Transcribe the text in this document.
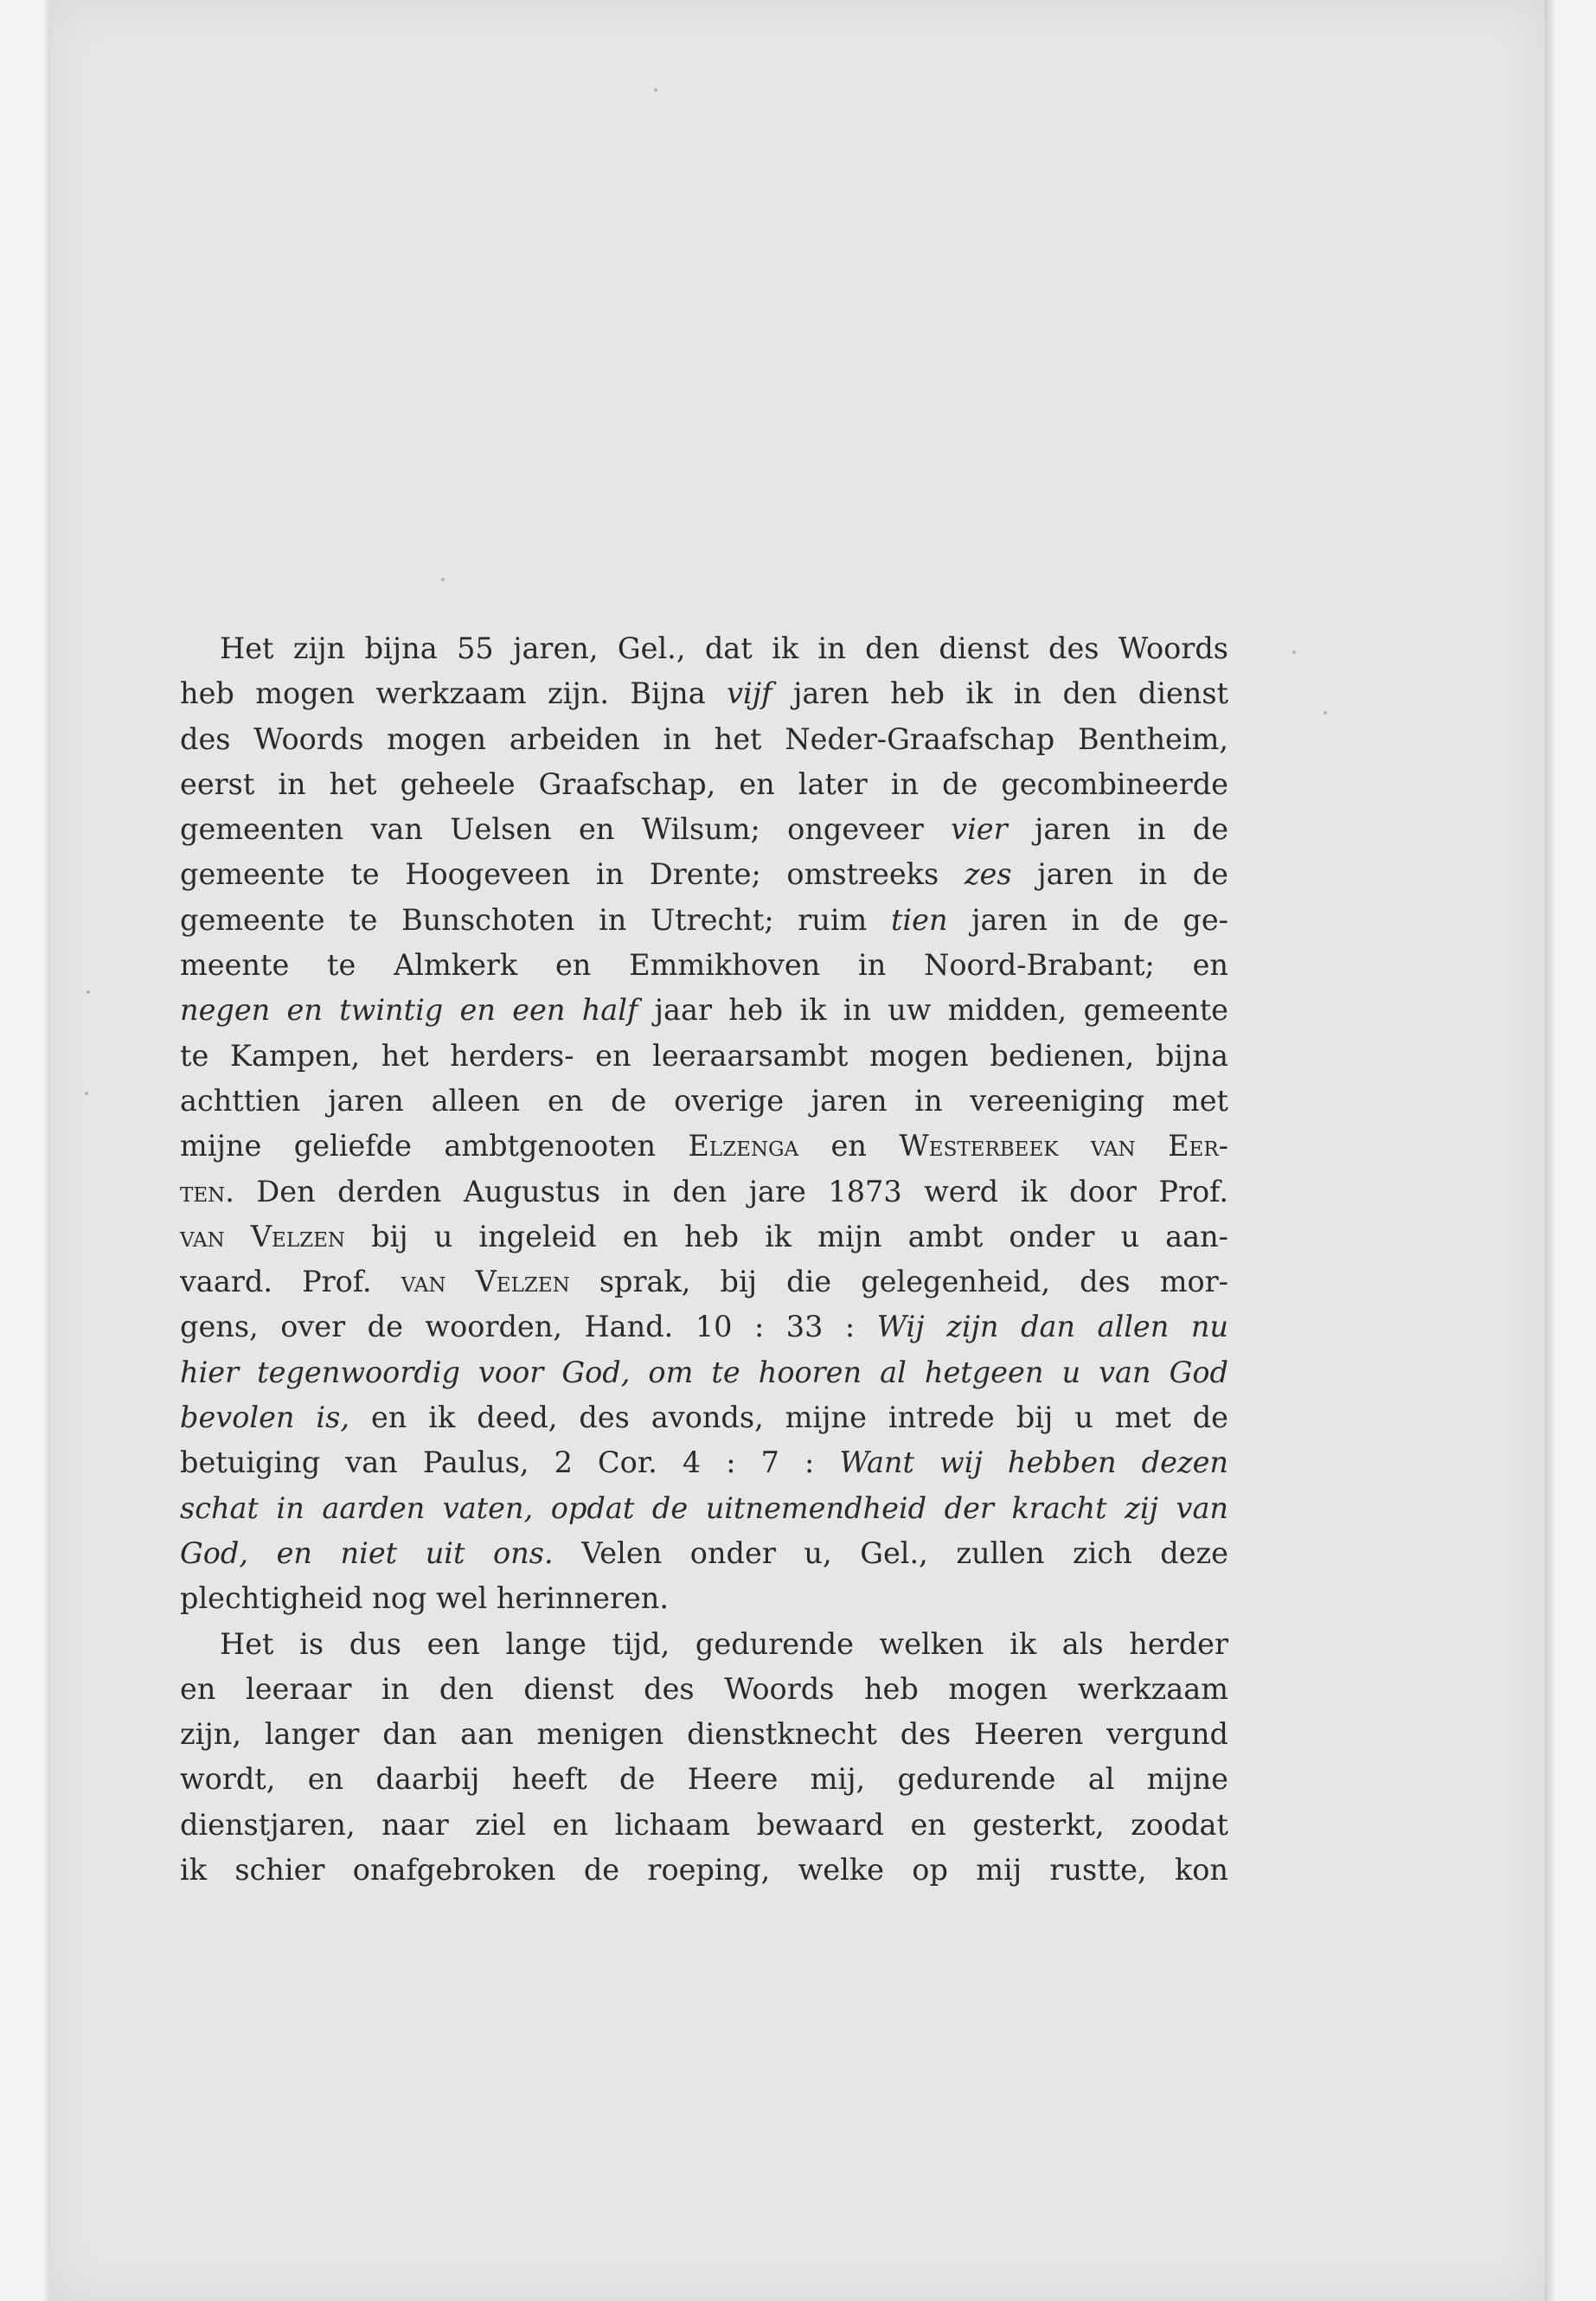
Het zijn bijna 55 jaren, Gel., dat ik in den dienst des Woords
heb mogen werkzaam zijn. Bijna vijf jaren heb ik in den dienst
des Woords mogen arbeiden in het Neder-Graafschap Bentheim,
eerst in het geheele Graafschap, en later in de gecombineerde
gemeenten van Uelsen en Wilsum; ongeveer vier jaren in de
gemeente te Hoogeveen in Drente; omstreeks zes jaren in de
gemeente te Bunschoten in Utrecht; ruim tien jaren in de ge-
meente te Almkerk en Emmikhoven in Noord-Brabant; en
negen en twintig en een half jaar heb ik in uw midden, gemeente
te Kampen, het herders- en leeraarsambt mogen bedienen, bijna
achttien jaren alleen en de overige jaren in vereeniging met
mijne geliefde ambtgenooten Elzenga en Westerbeek van Eer-
ten. Den derden Augustus in den jare 1873 werd ik door Prof.
van Velzen bij u ingeleid en heb ik mijn ambt onder u aan-
vaard. Prof. van Velzen sprak, bij die gelegenheid, des mor-
gens, over de woorden, Hand. 10 : 33 : Wij zijn dan allen nu
hier tegenwoordig voor God, om te hooren al hetgeen u van God
bevolen is, en ik deed, des avonds, mijne intrede bij u met de
betuiging van Paulus, 2 Cor. 4 : 7 : Want wij hebben dezen
schat in aarden vaten, opdat de uitnemendheid der kracht zij van
God, en niet uit ons. Velen onder u, Gel., zullen zich deze
plechtigheid nog wel herinneren.
Het is dus een lange tijd, gedurende welken ik als herder
en leeraar in den dienst des Woords heb mogen werkzaam
zijn, langer dan aan menigen dienstknecht des Heeren vergund
wordt, en daarbij heeft de Heere mij, gedurende al mijne
dienstjaren, naar ziel en lichaam bewaard en gesterkt, zoodat
ik schier onafgebroken de roeping, welke op mij rustte, kon
